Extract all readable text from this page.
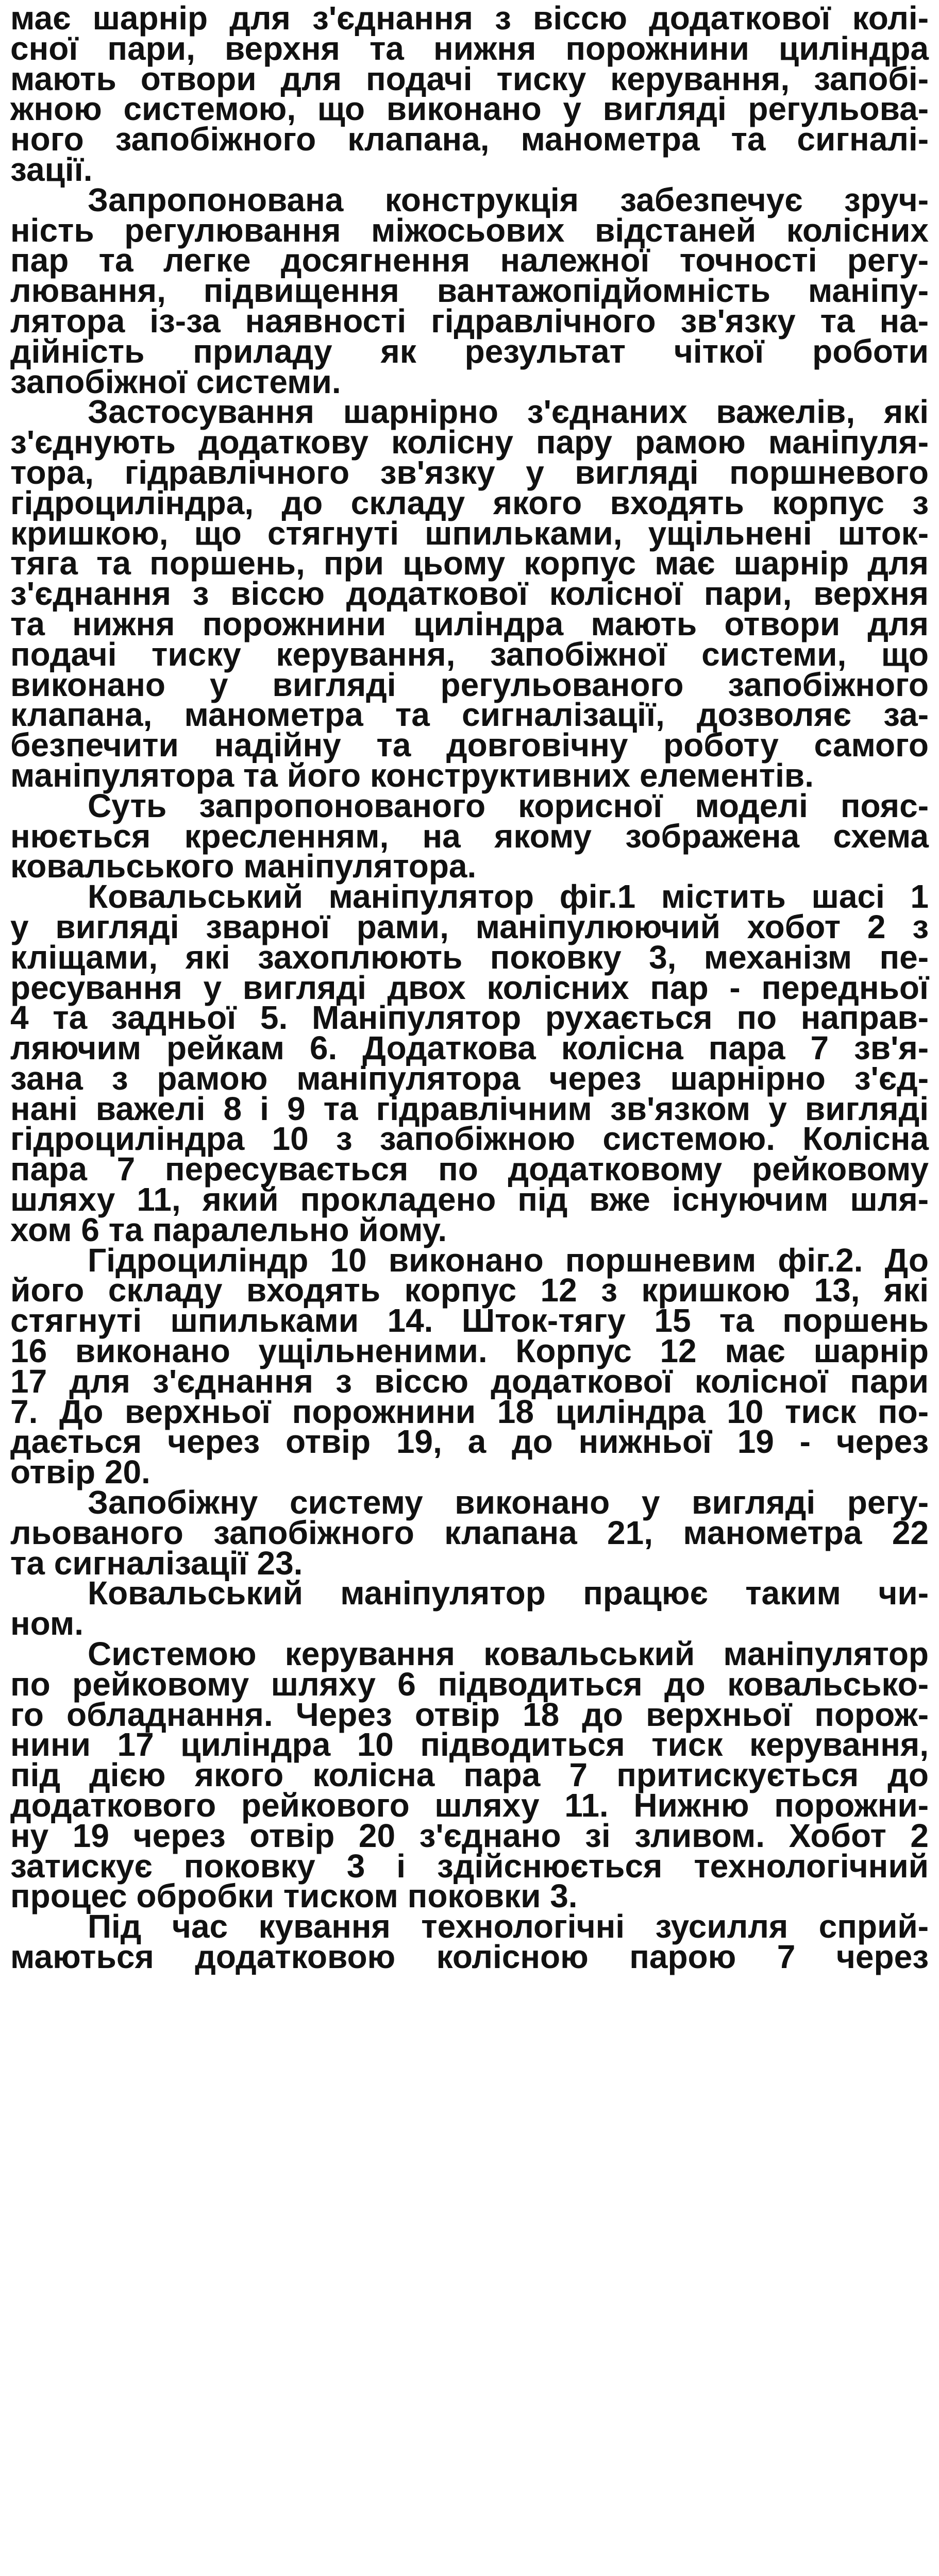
має шарнір для з'єднання з віссю додаткової колі-
сної пари, верхня та нижня порожнини циліндра
мають отвори для подачі тиску керування, запобі-
жною системою, що виконано у вигляді регульова-
ного запобіжного клапана, манометра та сигналі-
зації.
Запропонована конструкція забезпечує зруч-
ність регулювання міжосьових відстаней колісних
пар та легке досягнення належної точності регу-
лювання, підвищення вантажопідйомність маніпу-
лятора із-за наявності гідравлічного зв'язку та на-
дійність приладу як результат чіткої роботи
запобіжної системи.
Застосування шарнірно з'єднаних важелів, які
з'єднують додаткову колісну пару рамою маніпуля-
тора, гідравлічного зв'язку у вигляді поршневого
гідроциліндра, до складу якого входять корпус з
кришкою, що стягнуті шпильками, ущільнені шток-
тяга та поршень, при цьому корпус має шарнір для
з'єднання з віссю додаткової колісної пари, верхня
та нижня порожнини циліндра мають отвори для
подачі тиску керування, запобіжної системи, що
виконано у вигляді регульованого запобіжного
клапана, манометра та сигналізації, дозволяє за-
безпечити надійну та довговічну роботу самого
маніпулятора та його конструктивних елементів.
Суть запропонованого корисної моделі пояс-
нюється кресленням, на якому зображена схема
ковальського маніпулятора.
Ковальський маніпулятор фіг.1 містить шасі 1
у вигляді зварної рами, маніпулюючий хобот 2 з
кліщами, які захоплюють поковку 3, механізм пе-
ресування у вигляді двох колісних пар - передньої
4 та задньої 5. Маніпулятор рухається по направ-
ляючим рейкам 6. Додаткова колісна пара 7 зв'я-
зана з рамою маніпулятора через шарнірно з'єд-
нані важелі 8 і 9 та гідравлічним зв'язком у вигляді
гідроциліндра 10 з запобіжною системою. Колісна
пара 7 пересувається по додатковому рейковому
шляху 11, який прокладено під вже існуючим шля-
хом 6 та паралельно йому.
Гідроциліндр 10 виконано поршневим фіг.2. До
його складу входять корпус 12 з кришкою 13, які
стягнуті шпильками 14. Шток-тягу 15 та поршень
16 виконано ущільненими. Корпус 12 має шарнір
17 для з'єднання з віссю додаткової колісної пари
7. До верхньої порожнини 18 циліндра 10 тиск по-
дається через отвір 19, а до нижньої 19 - через
отвір 20.
Запобіжну систему виконано у вигляді регу-
льованого запобіжного клапана 21, манометра 22
та сигналізації 23.
Ковальський маніпулятор працює таким чи-
ном.
Системою керування ковальський маніпулятор
по рейковому шляху 6 підводиться до ковальсько-
го обладнання. Через отвір 18 до верхньої порож-
нини 17 циліндра 10 підводиться тиск керування,
під дією якого колісна пара 7 притискується до
додаткового рейкового шляху 11. Нижню порожни-
ну 19 через отвір 20 з'єднано зі зливом. Хобот 2
затискує поковку 3 і здійснюється технологічний
процес обробки тиском поковки 3.
Під час кування технологічні зусилля сприй-
маються додатковою колісною парою 7 через
